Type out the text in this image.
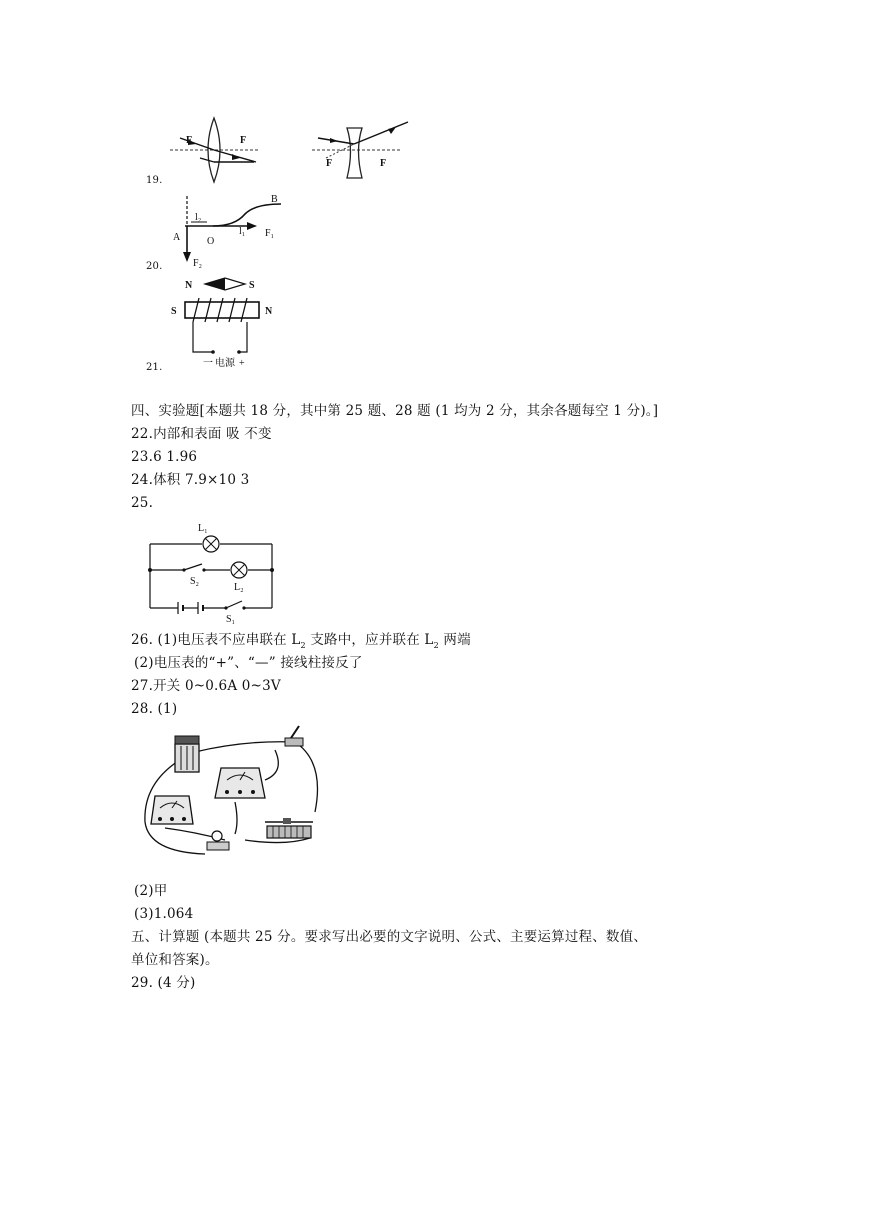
F	F
F	F
19.
A	O
B
l₂
l₁ F₁
F₂
20.
N	S
S	N
一 电源 +
21.
四、实验题[本题共 18 分，其中第 25 题、28 题 (1 均为 2 分，其余各题每空 1 分)。]
22.内部和表面 吸 不变
23.6 1.96
24.体积 7.9×10 3
25.
L₁
L₂
S₂
S₁
26. (1)电压表不应串联在 $L_2$ 支路中，应并联在 $L_2$ 两端
(2)电压表的“+”、“—” 接线柱接反了
27.开关 0~0.6A 0~3V
28. (1)
(2)甲
(3)1.064
五、计算题 (本题共 25 分。要求写出必要的文字说明、公式、主要运算过程、数值、
单位和答案)。
29. (4 分)
